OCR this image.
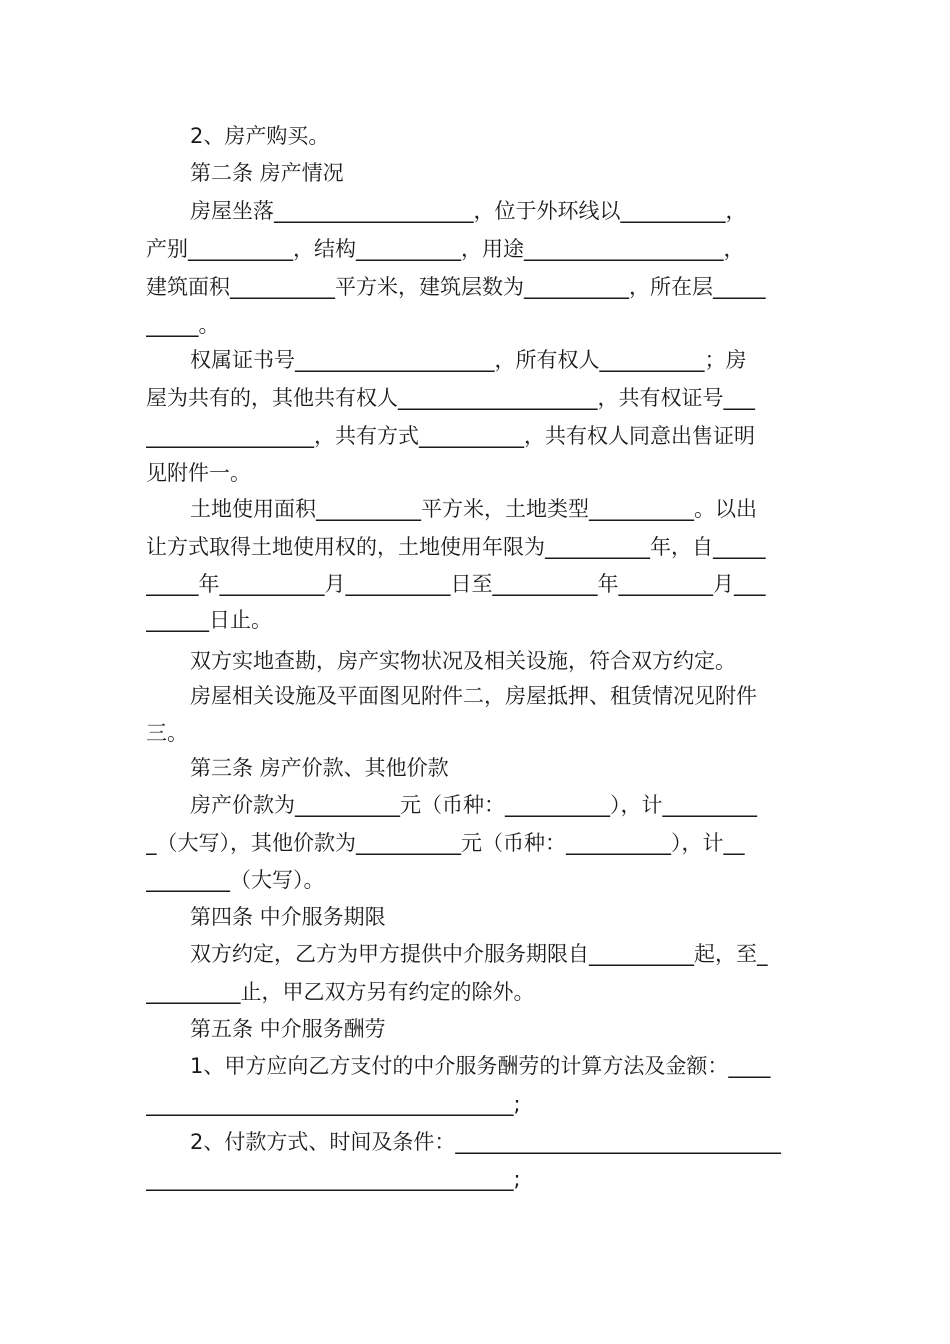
2、房产购买。
第二条 房产情况
房屋坐落___________________，位于外环线以__________，
产别__________，结构__________，用途___________________，
建筑面积__________平方米，建筑层数为__________，所在层_____
_____。
权属证书号___________________，所有权人__________；房
屋为共有的，其他共有权人___________________，共有权证号___
________________，共有方式__________，共有权人同意出售证明
见附件一。
土地使用面积__________平方米，土地类型__________。以出
让方式取得土地使用权的，土地使用年限为__________年，自_____
_____年__________月__________日至__________年_________月___
______日止。
双方实地查勘，房产实物状况及相关设施，符合双方约定。
房屋相关设施及平面图见附件二，房屋抵押、租赁情况见附件
三。
第三条 房产价款、其他价款
房产价款为__________元（币种：__________），计_________
_（大写），其他价款为__________元（币种：__________），计__
________（大写）。
第四条 中介服务期限
双方约定，乙方为甲方提供中介服务期限自__________起，至_
_________止，甲乙双方另有约定的除外。
第五条 中介服务酬劳
1、甲方应向乙方支付的中介服务酬劳的计算方法及金额：____
___________________________________;
2、付款方式、时间及条件：_______________________________
___________________________________;
